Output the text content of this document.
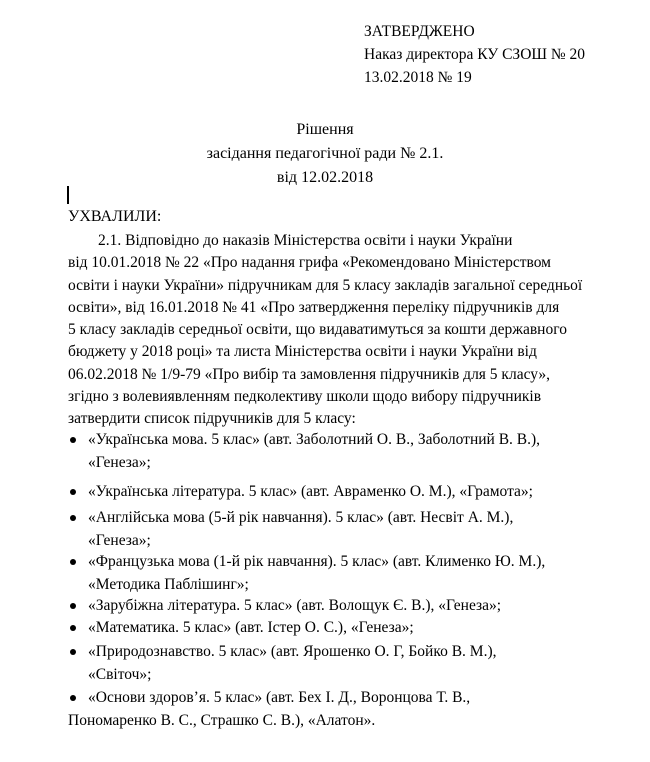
ЗАТВЕРДЖЕНО
Наказ директора КУ СЗОШ № 20
13.02.2018 № 19
Рішення
засідання педагогічної ради № 2.1.
від 12.02.2018
УХВАЛИЛИ:
2.1. Відповідно до наказів Міністерства освіти і науки України
від 10.01.2018 № 22 «Про надання грифа «Рекомендовано Міністерством
освіти і науки України» підручникам для 5 класу закладів загальної середньої
освіти», від 16.01.2018 № 41 «Про затвердження переліку підручників для
5 класу закладів середньої освіти, що видаватимуться за кошти державного
бюджету у 2018 році» та листа Міністерства освіти і науки України від
06.02.2018 № 1/9-79 «Про вибір та замовлення підручників для 5 класу»,
згідно з волевиявленням педколективу школи щодо вибору підручників
затвердити список підручників для 5 класу:
«Українська мова. 5 клас» (авт. Заболотний О. В., Заболотний В. В.),
«Генеза»;
«Українська література. 5 клас» (авт. Авраменко О. М.), «Грамота»;
«Англійська мова (5-й рік навчання). 5 клас» (авт. Несвіт А. М.),
«Генеза»;
«Французька мова (1-й рік навчання). 5 клас» (авт. Клименко Ю. М.),
«Методика Паблішинг»;
«Зарубіжна література. 5 клас» (авт. Волощук Є. В.), «Генеза»;
«Математика. 5 клас» (авт. Істер О. С.), «Генеза»;
«Природознавство. 5 клас» (авт. Ярошенко О. Г, Бойко В. М.),
«Світоч»;
«Основи здоров’я. 5 клас» (авт. Бех І. Д., Воронцова Т. В.,
Пономаренко В. С., Страшко С. В.), «Алатон».
